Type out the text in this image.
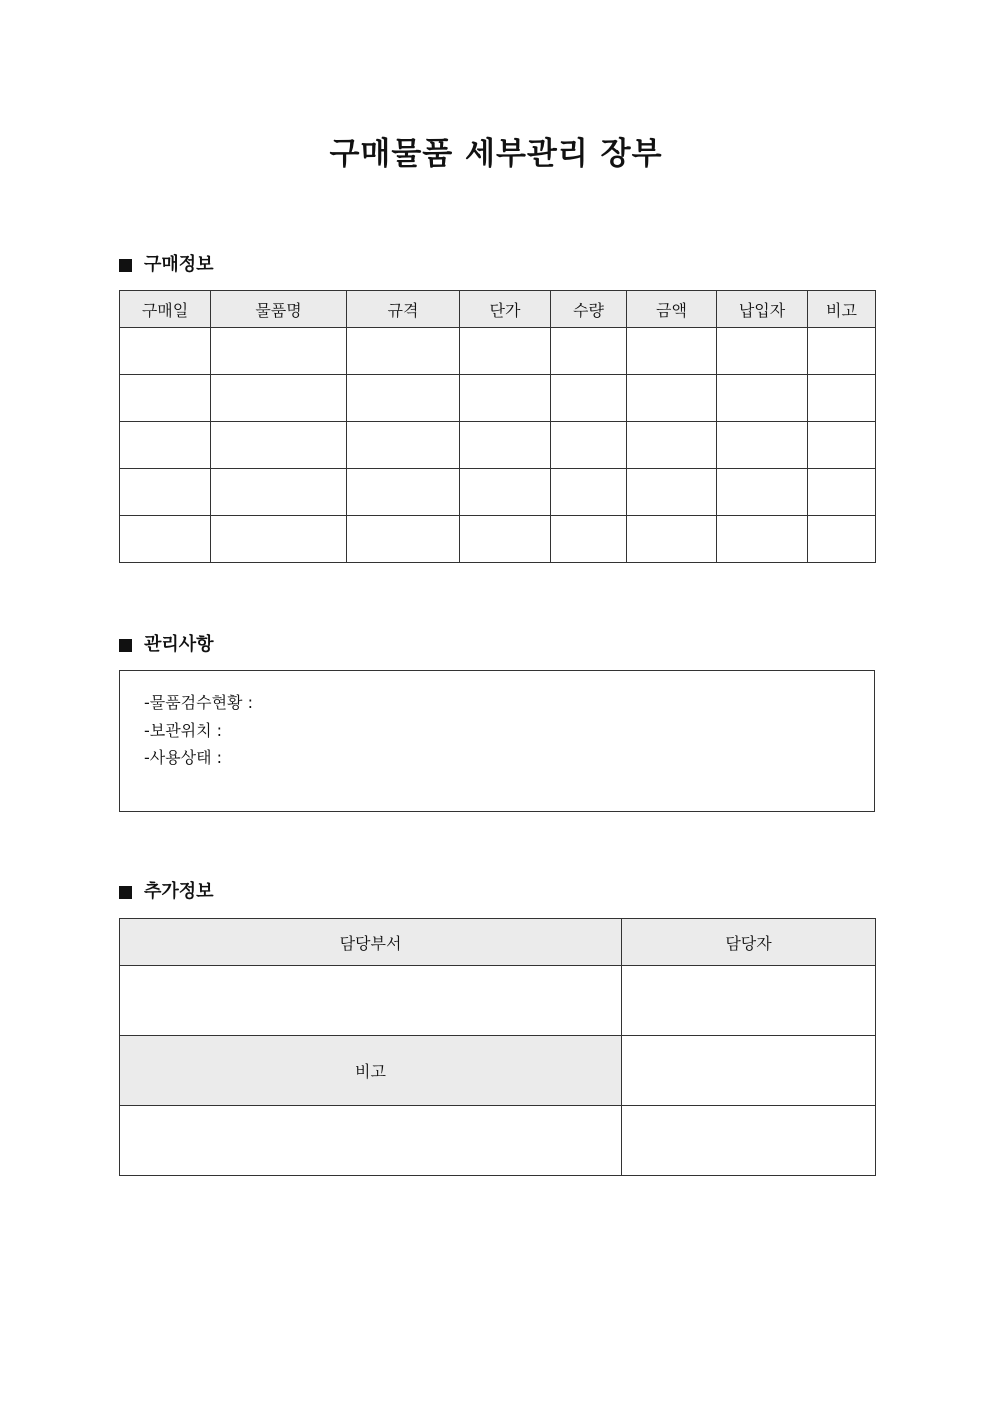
구매물품 세부관리 장부
구매정보
구매일	물품명	규격	단가	수량	금액	납입자	비고

관리사항
-물품검수현황 :
-보관위치 :
-사용상태 :
추가정보
담당부서	담당자

비고	
